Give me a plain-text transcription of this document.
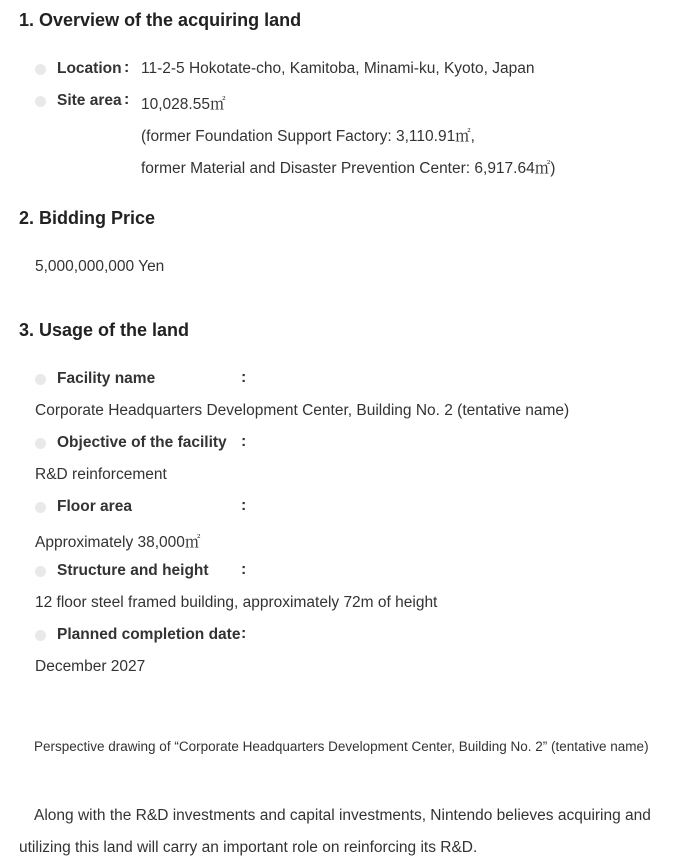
1. Overview of the acquiring land
Location : 11-2-5 Hokotate-cho, Kamitoba, Minami-ku, Kyoto, Japan
Site area : 10,028.55㎡
(former Foundation Support Factory: 3,110.91㎡,
former Material and Disaster Prevention Center: 6,917.64㎡)
2. Bidding Price
5,000,000,000 Yen
3. Usage of the land
Facility name	:
Corporate Headquarters Development Center, Building No. 2 (tentative name)
Objective of the facility :
R&D reinforcement
Floor area	:
Approximately 38,000㎡
Structure and height :
12 floor steel framed building, approximately 72m of height
Planned completion date :
December 2027
Perspective drawing of “Corporate Headquarters Development Center, Building No. 2” (tentative name)
Along with the R&D investments and capital investments, Nintendo believes acquiring and
utilizing this land will carry an important role on reinforcing its R&D.
